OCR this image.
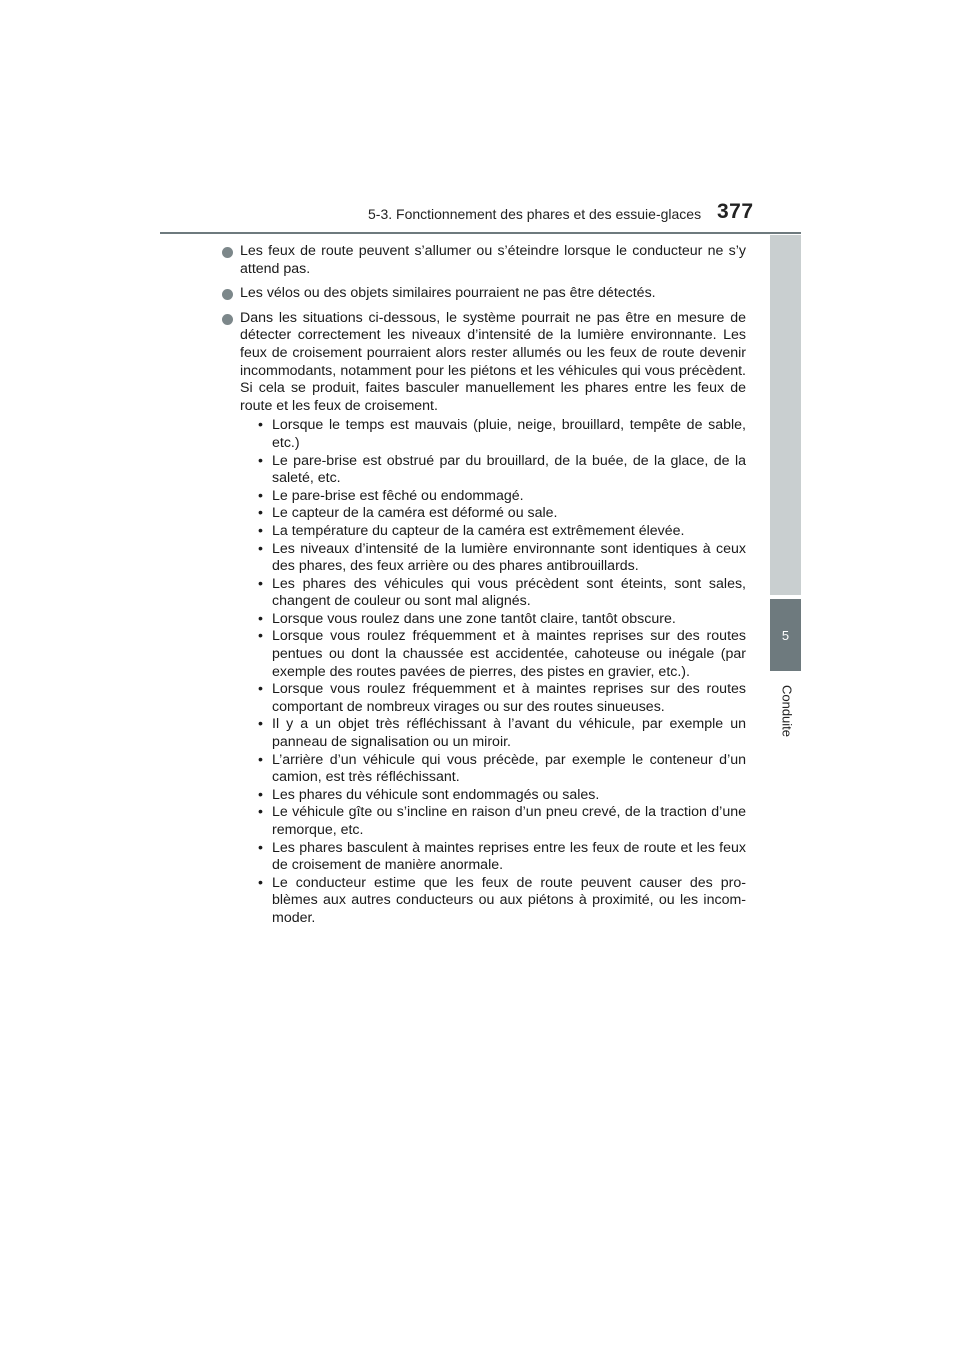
5-3. Fonctionnement des phares et des essuie-glaces 377
5
Conduite
Les feux de route peuvent s’allumer ou s’éteindre lorsque le conducteur ne s’y attend pas.
Les vélos ou des objets similaires pourraient ne pas être détectés.
Dans les situations ci-dessous, le système pourrait ne pas être en mesure de détecter correctement les niveaux d’intensité de la lumière environnante. Les feux de croisement pourraient alors rester allumés ou les feux de route devenir incommodants, notamment pour les piétons et les véhicules qui vous précèdent. Si cela se produit, faites basculer manuellement les phares entre les feux de route et les feux de croisement.
• Lorsque le temps est mauvais (pluie, neige, brouillard, tempête de sable, etc.)
• Le pare-brise est obstrué par du brouillard, de la buée, de la glace, de la saleté, etc.
• Le pare-brise est fêché ou endommagé.
• Le capteur de la caméra est déformé ou sale.
• La température du capteur de la caméra est extrêmement élevée.
• Les niveaux d’intensité de la lumière environnante sont identiques à ceux des phares, des feux arrière ou des phares antibrouillards.
• Les phares des véhicules qui vous précèdent sont éteints, sont sales, changent de couleur ou sont mal alignés.
• Lorsque vous roulez dans une zone tantôt claire, tantôt obscure.
• Lorsque vous roulez fréquemment et à maintes reprises sur des routes pentues ou dont la chaussée est accidentée, cahoteuse ou inégale (par exemple des routes pavées de pierres, des pistes en gravier, etc.).
• Lorsque vous roulez fréquemment et à maintes reprises sur des routes comportant de nombreux virages ou sur des routes sinueuses.
• Il y a un objet très réfléchissant à l’avant du véhicule, par exemple un panneau de signalisation ou un miroir.
• L’arrière d’un véhicule qui vous précède, par exemple le conteneur d’un camion, est très réfléchissant.
• Les phares du véhicule sont endommagés ou sales.
• Le véhicule gîte ou s’incline en raison d’un pneu crevé, de la traction d’une remorque, etc.
• Les phares basculent à maintes reprises entre les feux de route et les feux de croisement de manière anormale.
• Le conducteur estime que les feux de route peuvent causer des pro-blèmes aux autres conducteurs ou aux piétons à proximité, ou les incom-moder.
